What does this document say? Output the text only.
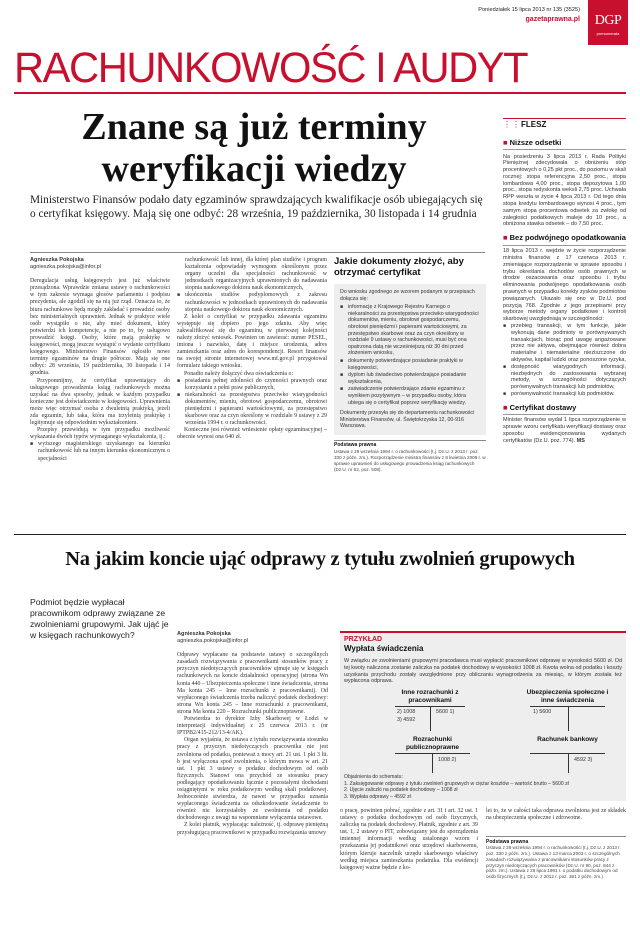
Poniedziałek 15 lipca 2013 nr 135 (3525)
gazetaprawna.pl	DGP
prenumerata
RACHUNKOWOŚĆ I AUDYT
Znane są już terminy
weryfikacji wiedzy
Ministerstwo Finansów podało daty egzaminów sprawdzających kwalifikacje osób ubiegających się o certyfikat księgowy. Mają się one odbyć: 28 września, 19 października, 30 listopada i 14 grudnia
Agnieszka Pokojska
agnieszka.pokojska@infor.pl

Deregulacja usług księgowych jest już właściwie przesądzona. Wprawdzie zmiana ustawy o rachunkowości w tym zakresie wymaga głosów parlamentu i podpisu prezydenta, ale zgodził się na nią już rząd. Oznacza to, że biura rachunkowe będą mogły zakładać i prowadzić osoby bez ministerialnych uprawnień. Jednak w praktyce wiele osób wystąpiło o nie, aby mieć dokument, który potwierdzi ich kompetencje, a nie po to, by usługowo prowadzić księgi. Osoby, które mają praktykę w księgowości, mogą jeszcze wystąpić o wydanie certyfikatu księgowego. Ministerstwo Finansów ogłosiło nowe terminy egzaminów na drugie półrocze. Mają się one odbyć: 28 września, 19 października, 30 listopada i 14 grudnia.

Przypomnijmy, że certyfikat uprawniający do usługowego prowadzenia ksiąg rachunkowych można uzyskać na dwa sposoby, jednak w każdym przypadku konieczne jest doświadczenie w księgowości. Uprawnienia może więc otrzymać osoba z dwuletnią praktyką, jeżeli zda egzamin, lub taka, która ma trzyletnią praktykę i legitymuje się odpowiednim wykształceniem.

Przepisy przewidują w tym przypadku możliwość wykazania dwóch typów wymaganego wykształcenia, tj.:

■ wyższego magisterskiego uzyskanego na kierunku rachunkowość lub na innym kierunku ekonomicznym o specjalności

rachunkowość lub innej, dla której plan studiów i program kształcenia odpowiadały wymogom określonym przez organy uczelni dla specjalności rachunkowość w jednostkach organizacyjnych uprawnionych do nadawania stopnia naukowego doktora nauk ekonomicznych,

■ ukończenia studiów podyplomowych z zakresu rachunkowości w jednostkach uprawnionych do nadawania stopnia naukowego doktora nauk ekonomicznych.

Z kolei o certyfikat w przypadku zdawania egzaminu występuje się dopiero po jego zdaniu. Aby więc zakwalifikować się do egzaminu, w pierwszej kolejności należy złożyć wniosek. Powinien on zawierać: numer PESEL, imiona i nazwisko, datę i miejsce urodzenia, adres zamieszkania oraz adres do korespondencji. Resort finansów na swojej stronie internetowej www.mf.gov.pl przygotował formularz takiego wniosku.

Ponadto należy dołączyć dwa oświadczenia o:

■ posiadaniu pełnej zdolności do czynności prawnych oraz korzystaniu z pełni praw publicznych,

■ niekaralności za przestępstwa przeciwko wiarygodności dokumentów, mieniu, obrotowi gospodarczemu, obrotowi pieniędzmi i papierami wartościowymi, za przestępstwo skarbowe oraz za czyn określony w rozdziale 9 ustawy z 29 września 1994 r. o rachunkowości.

Konieczne jest również wniesienie opłaty egzaminacyjnej – obecnie wynosi ona 640 zł.

Jakie dokumenty złożyć, aby otrzymać certyfikat
Do wniosku zgodnego ze wzorem podanym w przepisach dołącza się:
■ informację z Krajowego Rejestru Karnego o niekaralności za przestępstwa przeciwko wiarygodności dokumentów, mieniu, obrotowi gospodarczemu, obrotowi pieniędzmi i papierami wartościowymi, za przestępstwo skarbowe oraz za czyn określony w rozdziale 9 ustawy o rachunkowości, musi być ona opatrzona datą nie wcześniejszą niż 30 dni przed złożeniem wniosku,
■ dokumenty potwierdzające posiadanie praktyki w księgowości,
■ dyplom lub świadectwo potwierdzające posiadanie wykształcenia,
■ zaświadczenie potwierdzające zdanie egzaminu z wynikiem pozytywnym – w przypadku osoby, która ubiega się o certyfikat poprzez weryfikację wiedzy.
Dokumenty przesyła się do departamentu rachunkowości Ministerstwa Finansów, ul. Świętokrzyska 12, 00-916 Warszawa.
Podstawa prawna
Ustawa z 29 września 1994 r. o rachunkowości (t.j. Dz.U. z 2013 r. poz. 330 z późn. zm.). Rozporządzenie ministra finansów z 8 kwietnia 2009 r. w sprawie uprawnień do usługowego prowadzenia ksiąg rachunkowych (Dz.U. nr 62, poz. 508).
⋮⋮ FLESZ
■ Niższe odsetki
Na posiedzeniu 3 lipca 2013 r. Rada Polityki Pieniężnej zdecydowała o obniżeniu stóp procentowych o 0,25 pkt proc., do poziomu w skali rocznej: stopa referencyjna 2,50 proc., stopa lombardowa 4,00 proc., stopa depozytowa 1,00 proc., stopa redyskonta weksli 2,75 proc. Uchwała RPP weszła w życie 4 lipca 2013 r. Od tego dnia stopa kredytu lombardowego wynosi 4 proc., tym samym stopa procentowa odsetek za zwłokę od zaległości podatkowych maleje do 10 proc., a obniżona stawka odsetek – do 7,50 proc.
■ Bez podwójnego opodatkowania
18 lipca 2013 r. wejdzie w życie rozporządzenie ministra finansów z 17 czerwca 2013 r. zmieniające rozporządzenie w sprawie sposobu i trybu określania dochodów osób prawnych w drodze oszacowania oraz sposobu i trybu eliminowania podwójnego opodatkowania osób prawnych w przypadku korekty zysków podmiotów powiązanych. Ukazało się ono w Dz.U. pod pozycją 768. Zgodnie z jego przepisami przy wyborze metody organy podatkowe i kontroli skarbowej uwzględniają w szczególności:
■ przebieg transakcji, w tym funkcje, jakie wykonują dane podmioty w porównywanych transakcjach, biorąc pod uwagę angażowane przez nie aktywa, obejmujące również dobra materialne i niematerialne nieziszczone do aktywów, kapitał ludzki oraz ponoszone ryzyka,
■ dostępność wiarygodnych informacji, niezbędnych do zastosowania wybranej metody, w szczególności dotyczących porównywalnych transakcji lub podmiotów,
■ porównywalność transakcji lub podmiotów.
■ Certyfikat dostawy
Minister finansów wydał 1 lipca rozporządzenie w sprawie wzoru certyfikatu weryfikacji dostawy oraz sposobu ewidencjonowania wydanych certyfikatów (Dz.U. poz. 774). MS
Na jakim koncie ująć odprawy z tytułu zwolnień grupowych
Podmiot będzie wypłacał pracownikom odprawy związane ze zwolnieniami grupowymi. Jak ująć je w księgach rachunkowych?	Agnieszka Pokojska
agnieszka.pokojska@infor.pl

Odprawy wypłacane na podstawie ustawy o szczególnych zasadach rozwiązywania z pracownikami stosunków pracy z przyczyn niedotyczących pracowników ujmuje się w księgach rachunkowych na koncie działalności operacyjnej (strona Wn konta 440 – Ubezpieczenia społeczne i inne świadczenia, strona Ma konta 245 – Inne rozrachunki z pracownikami). Od wypłaconego świadczenia trzeba naliczyć podatek dochodowy: strona Wn konta 245 – Inne rozrachunki z pracownikami, strona Ma konta 220 – Rozrachunki publicznoprawne.

Potwierdza to dyrektor Izby Skarbowej w Łodzi w interpretacji indywidualnej z 25 czerwca 2013 r. (nr IPTPB2/415-212/13-4/AK).

Organ wyjaśnia, że ustawa z tytułu rozwiązywania stosunku pracy z przyczyn niedotyczących pracownika nie jest zwolniona od podatku, ponieważ z mocy art. 21 ust. 1 pkt 3 lit. b jest wyłączona spod zwolnienia, o którym mowa w art. 21 ust. 1 pkt 3 ustawy o podatku dochodowym od osób fizycznych. Stanowi ona przychód ze stosunku pracy podlegający opodatkowaniu łącznie z pozostałymi dochodami osiągniętymi w roku podatkowym według skali podatkowej. Jednocześnie stwierdza, że nawet w przypadku uznania wypłaconego świadczenia za odszkodowanie świadczenie to również nie korzystałoby ze zwolnienia od podatku dochodowego z uwagi na wspomniane wyłączenia ustawowe.

Z kolei płatnik, wypłacając należność, tj. odprawę pieniężną przysługującą pracownikowi w przypadku rozwiązania umowy

PRZYKŁAD
Wypłata świadczenia
W związku ze zwolnieniami grupowymi pracodawca musi wypłacić pracownikowi odprawę w wysokości 5600 zł. Od tej kwoty naliczona zostanie zaliczka na podatek dochodowy w wysokości 1008 zł. Kwota wolna od podatku i koszty uzyskania przychodu zostały uwzględnione przy obliczaniu wynagrodzenia za miesiąc, w którym została też wypłacona odprawa.
Inne rozrachunki z pracownikami
2) 1008
3) 4592
5600 1)
Ubezpieczenia społeczne i inne świadczenia
1) 5600
Rozrachunki publicznoprawne
1008 2)
Rachunek bankowy
4592 3)
Objaśnienia do schematu:
1. Zaksięgowanie odprawy z tytułu zwolnień grupowych w ciężar kosztów – wartość brutto – 5600 zł
2. Ujęcie zaliczki na podatek dochodowy – 1008 zł
3. Wypłata odprawy – 4592 zł

o pracę, powinien pobrać, zgodnie z art. 31 i art. 32 ust. 1 ustawy o podatku dochodowym od osób fizycznych, zaliczkę na podatek dochodowy. Płatnik, zgodnie z art. 39 ust. 1, 2 ustawy o PIT, zobowiązany jest do sporządzenia imiennej informacji według ustalonego wzoru i przekazania jej podatnikowi oraz urzędowi skarbowemu, którym kieruje naczelnik urzędu skarbowego właściwy według miejsca zamieszkania podatnika. Dla ewidencji księgowej ważne będzie z ko-

lei to, że w całości taka odprawa zwolniona jest ze składek na ubezpieczenia społeczne i zdrowotne.

Podstawa prawna
Ustawa z 29 września 1994 r. o rachunkowości (t.j. Dz.U. z 2013 r. poz. 330 z późn. zm.). Ustawa z 13 marca 2003 r. o szczególnych zasadach rozwiązywania z pracownikami stosunków pracy z przyczyn niedotyczących pracowników (Dz.U. nr 90, poz. 844 z późn. zm.). Ustawa z 26 lipca 1991 r. o podatku dochodowym od osób fizycznych (t.j. Dz.U. z 2012 r. poz. 361 z późn. zm.).
